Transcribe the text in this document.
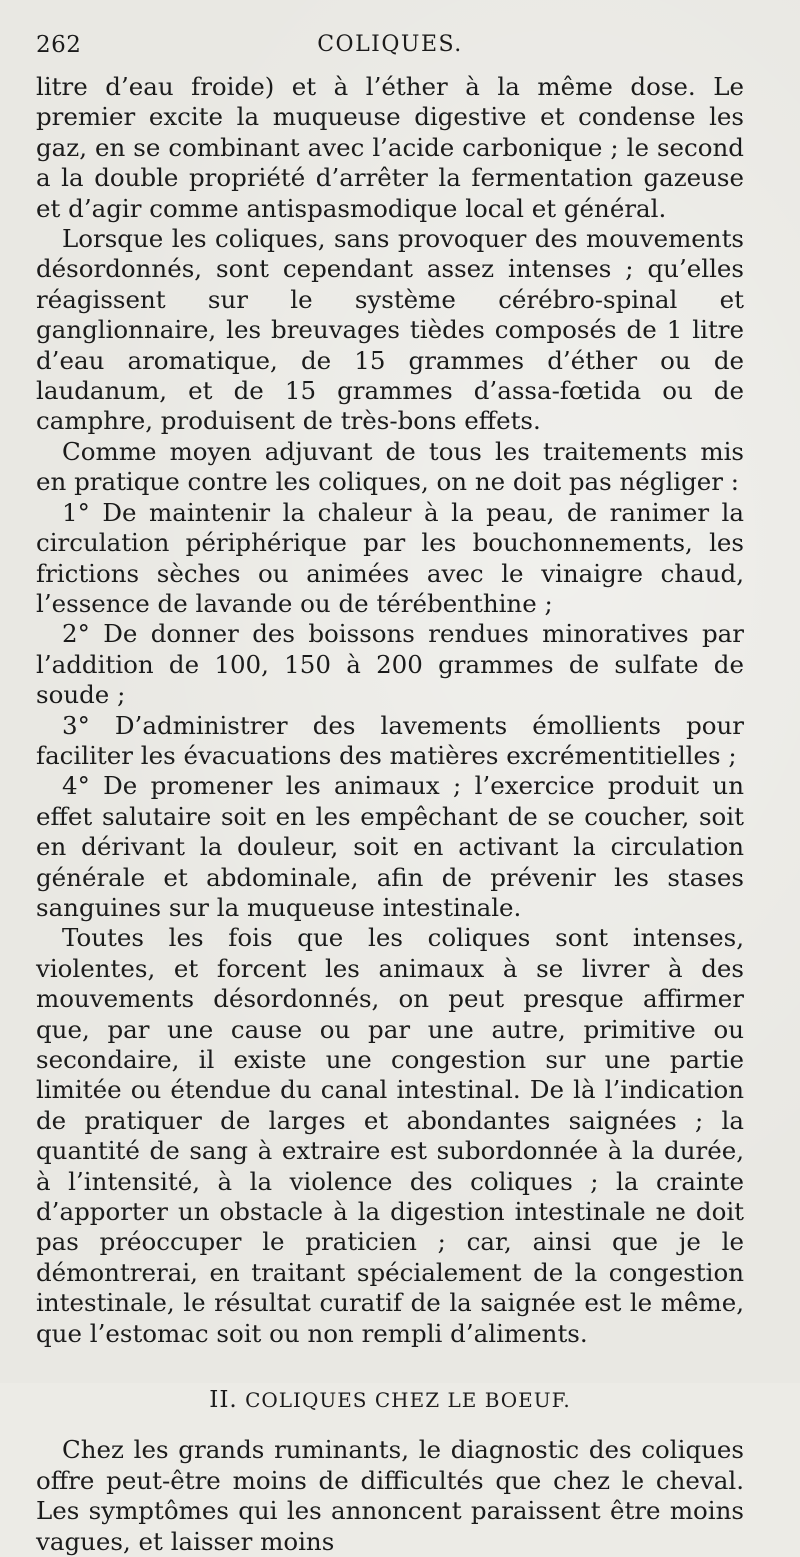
262	COLIQUES.

litre d’eau froide) et à l’éther à la même dose. Le premier excite la muqueuse digestive et condense les gaz, en se combinant avec l’acide carbonique ; le second a la double propriété d’arrêter la fermentation gazeuse et d’agir comme antispasmodique local et général.

Lorsque les coliques, sans provoquer des mouvements désordonnés, sont cependant assez intenses ; qu’elles réagissent sur le système cérébro-spinal et ganglionnaire, les breuvages tièdes composés de 1 litre d’eau aromatique, de 15 grammes d’éther ou de laudanum, et de 15 grammes d’assa-fœtida ou de camphre, produisent de très-bons effets.

Comme moyen adjuvant de tous les traitements mis en pratique contre les coliques, on ne doit pas négliger :

1° De maintenir la chaleur à la peau, de ranimer la circulation périphérique par les bouchonnements, les frictions sèches ou animées avec le vinaigre chaud, l’essence de lavande ou de térébenthine ;

2° De donner des boissons rendues minoratives par l’addition de 100, 150 à 200 grammes de sulfate de soude ;

3° D’administrer des lavements émollients pour faciliter les évacuations des matières excrémentitielles ;

4° De promener les animaux ; l’exercice produit un effet salutaire soit en les empêchant de se coucher, soit en dérivant la douleur, soit en activant la circulation générale et abdominale, afin de prévenir les stases sanguines sur la muqueuse intestinale.

Toutes les fois que les coliques sont intenses, violentes, et forcent les animaux à se livrer à des mouvements désordonnés, on peut presque affirmer que, par une cause ou par une autre, primitive ou secondaire, il existe une congestion sur une partie limitée ou étendue du canal intestinal. De là l’indication de pratiquer de larges et abondantes saignées ; la quantité de sang à extraire est subordonnée à la durée, à l’intensité, à la violence des coliques ; la crainte d’apporter un obstacle à la digestion intestinale ne doit pas préoccuper le praticien ; car, ainsi que je le démontrerai, en traitant spécialement de la congestion intestinale, le résultat curatif de la saignée est le même, que l’estomac soit ou non rempli d’aliments.

II. COLIQUES CHEZ LE BOEUF.

Chez les grands ruminants, le diagnostic des coliques offre peut-être moins de difficultés que chez le cheval. Les symptômes qui les annoncent paraissent être moins vagues, et laisser moins
